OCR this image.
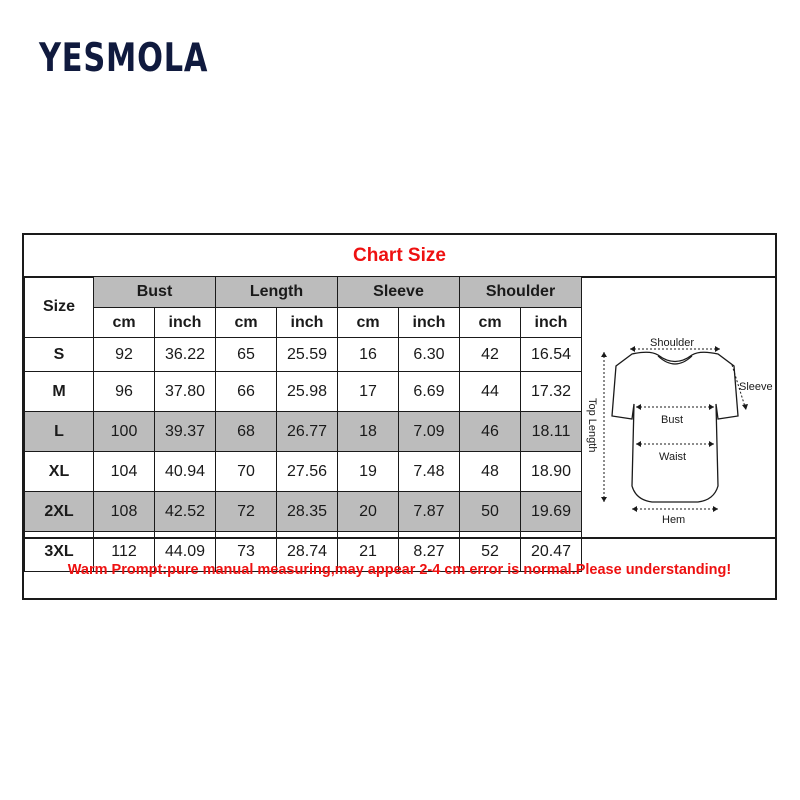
YESMOLA
Chart Size
Size	Bust		Length		Sleeve		Shoulder	
	cm	inch	cm	inch	cm	inch	cm	inch
S	92	36.22	65	25.59	16	6.30	42	16.54
M	96	37.80	66	25.98	17	6.69	44	17.32
L	100	39.37	68	26.77	18	7.09	46	18.11
XL	104	40.94	70	27.56	19	7.48	48	18.90
2XL	108	42.52	72	28.35	20	7.87	50	19.69
3XL	112	44.09	73	28.74	21	8.27	52	20.47
Shoulder
Sleeve
Bust
Waist
Hem
Top Length
Warm Prompt:pure manual measuring,may appear 2-4 cm error is normal.Please understanding!
